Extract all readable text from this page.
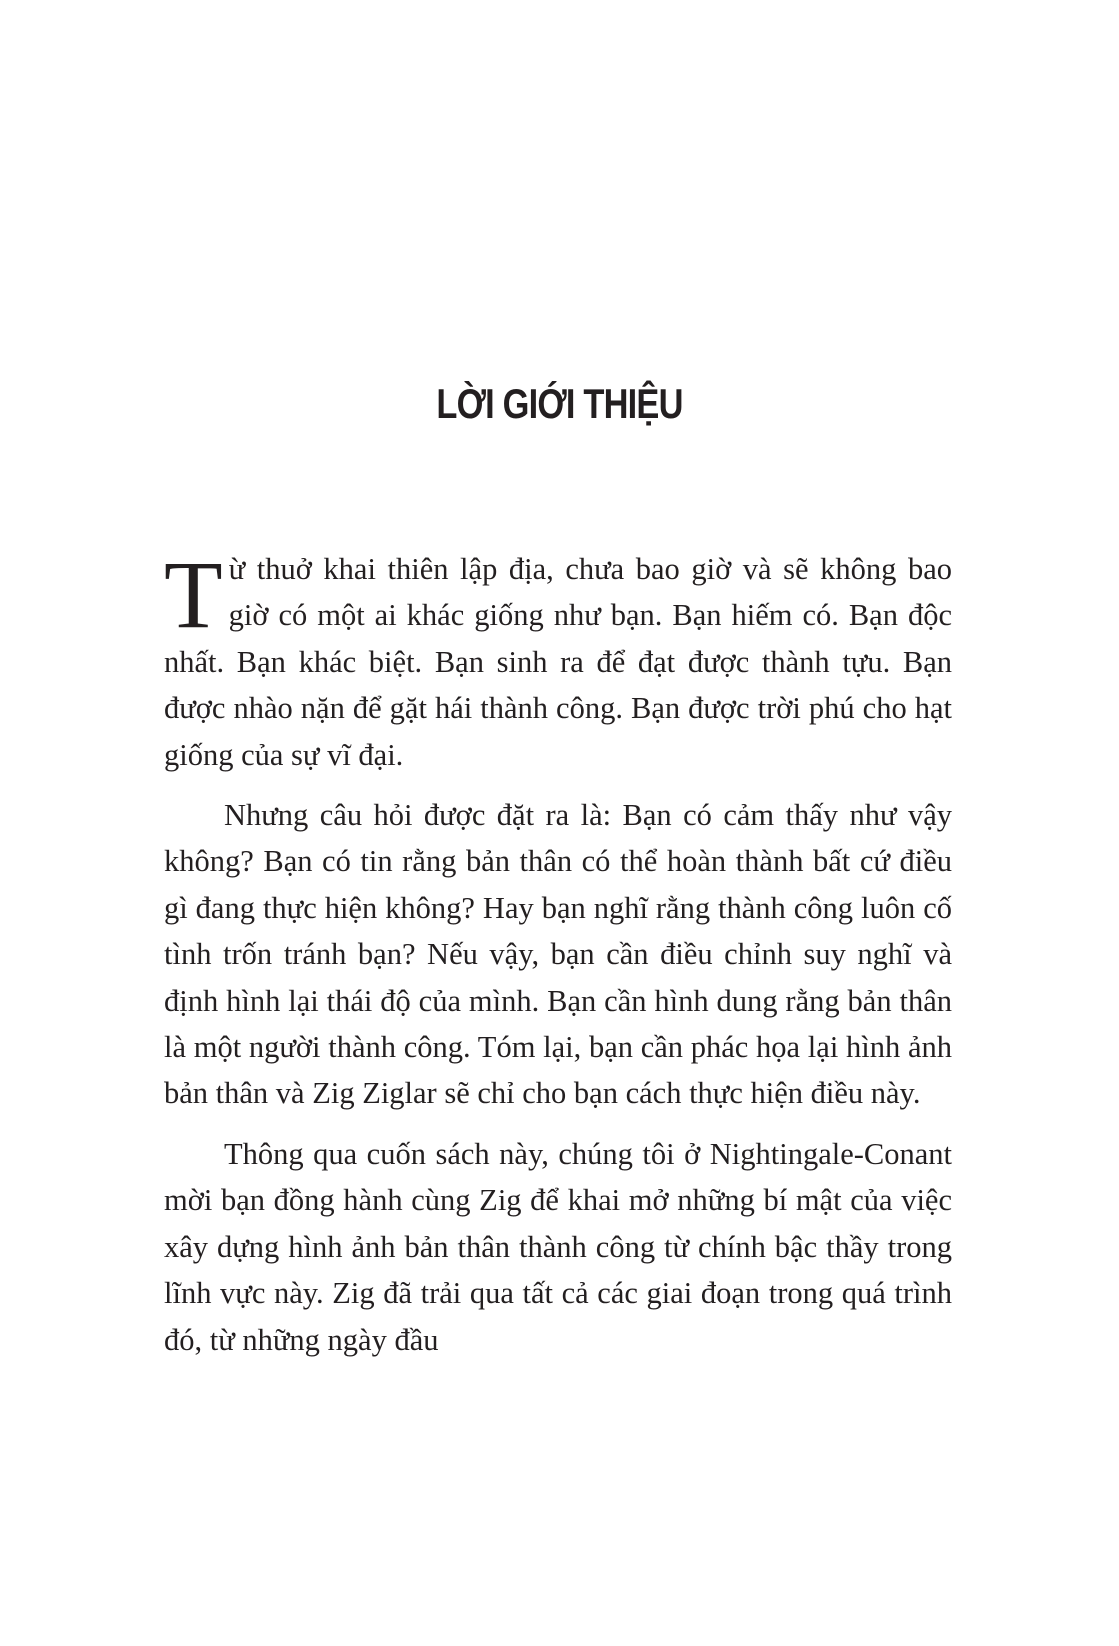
LỜI GIỚI THIỆU

Từ thuở khai thiên lập địa, chưa bao giờ và sẽ không bao giờ có một ai khác giống như bạn. Bạn hiếm có. Bạn độc nhất. Bạn khác biệt. Bạn sinh ra để đạt được thành tựu. Bạn được nhào nặn để gặt hái thành công. Bạn được trời phú cho hạt giống của sự vĩ đại.

Nhưng câu hỏi được đặt ra là: Bạn có cảm thấy như vậy không? Bạn có tin rằng bản thân có thể hoàn thành bất cứ điều gì đang thực hiện không? Hay bạn nghĩ rằng thành công luôn cố tình trốn tránh bạn? Nếu vậy, bạn cần điều chỉnh suy nghĩ và định hình lại thái độ của mình. Bạn cần hình dung rằng bản thân là một người thành công. Tóm lại, bạn cần phác họa lại hình ảnh bản thân và Zig Ziglar sẽ chỉ cho bạn cách thực hiện điều này.

Thông qua cuốn sách này, chúng tôi ở Nightingale-Conant mời bạn đồng hành cùng Zig để khai mở những bí mật của việc xây dựng hình ảnh bản thân thành công từ chính bậc thầy trong lĩnh vực này. Zig đã trải qua tất cả các giai đoạn trong quá trình đó, từ những ngày đầu
